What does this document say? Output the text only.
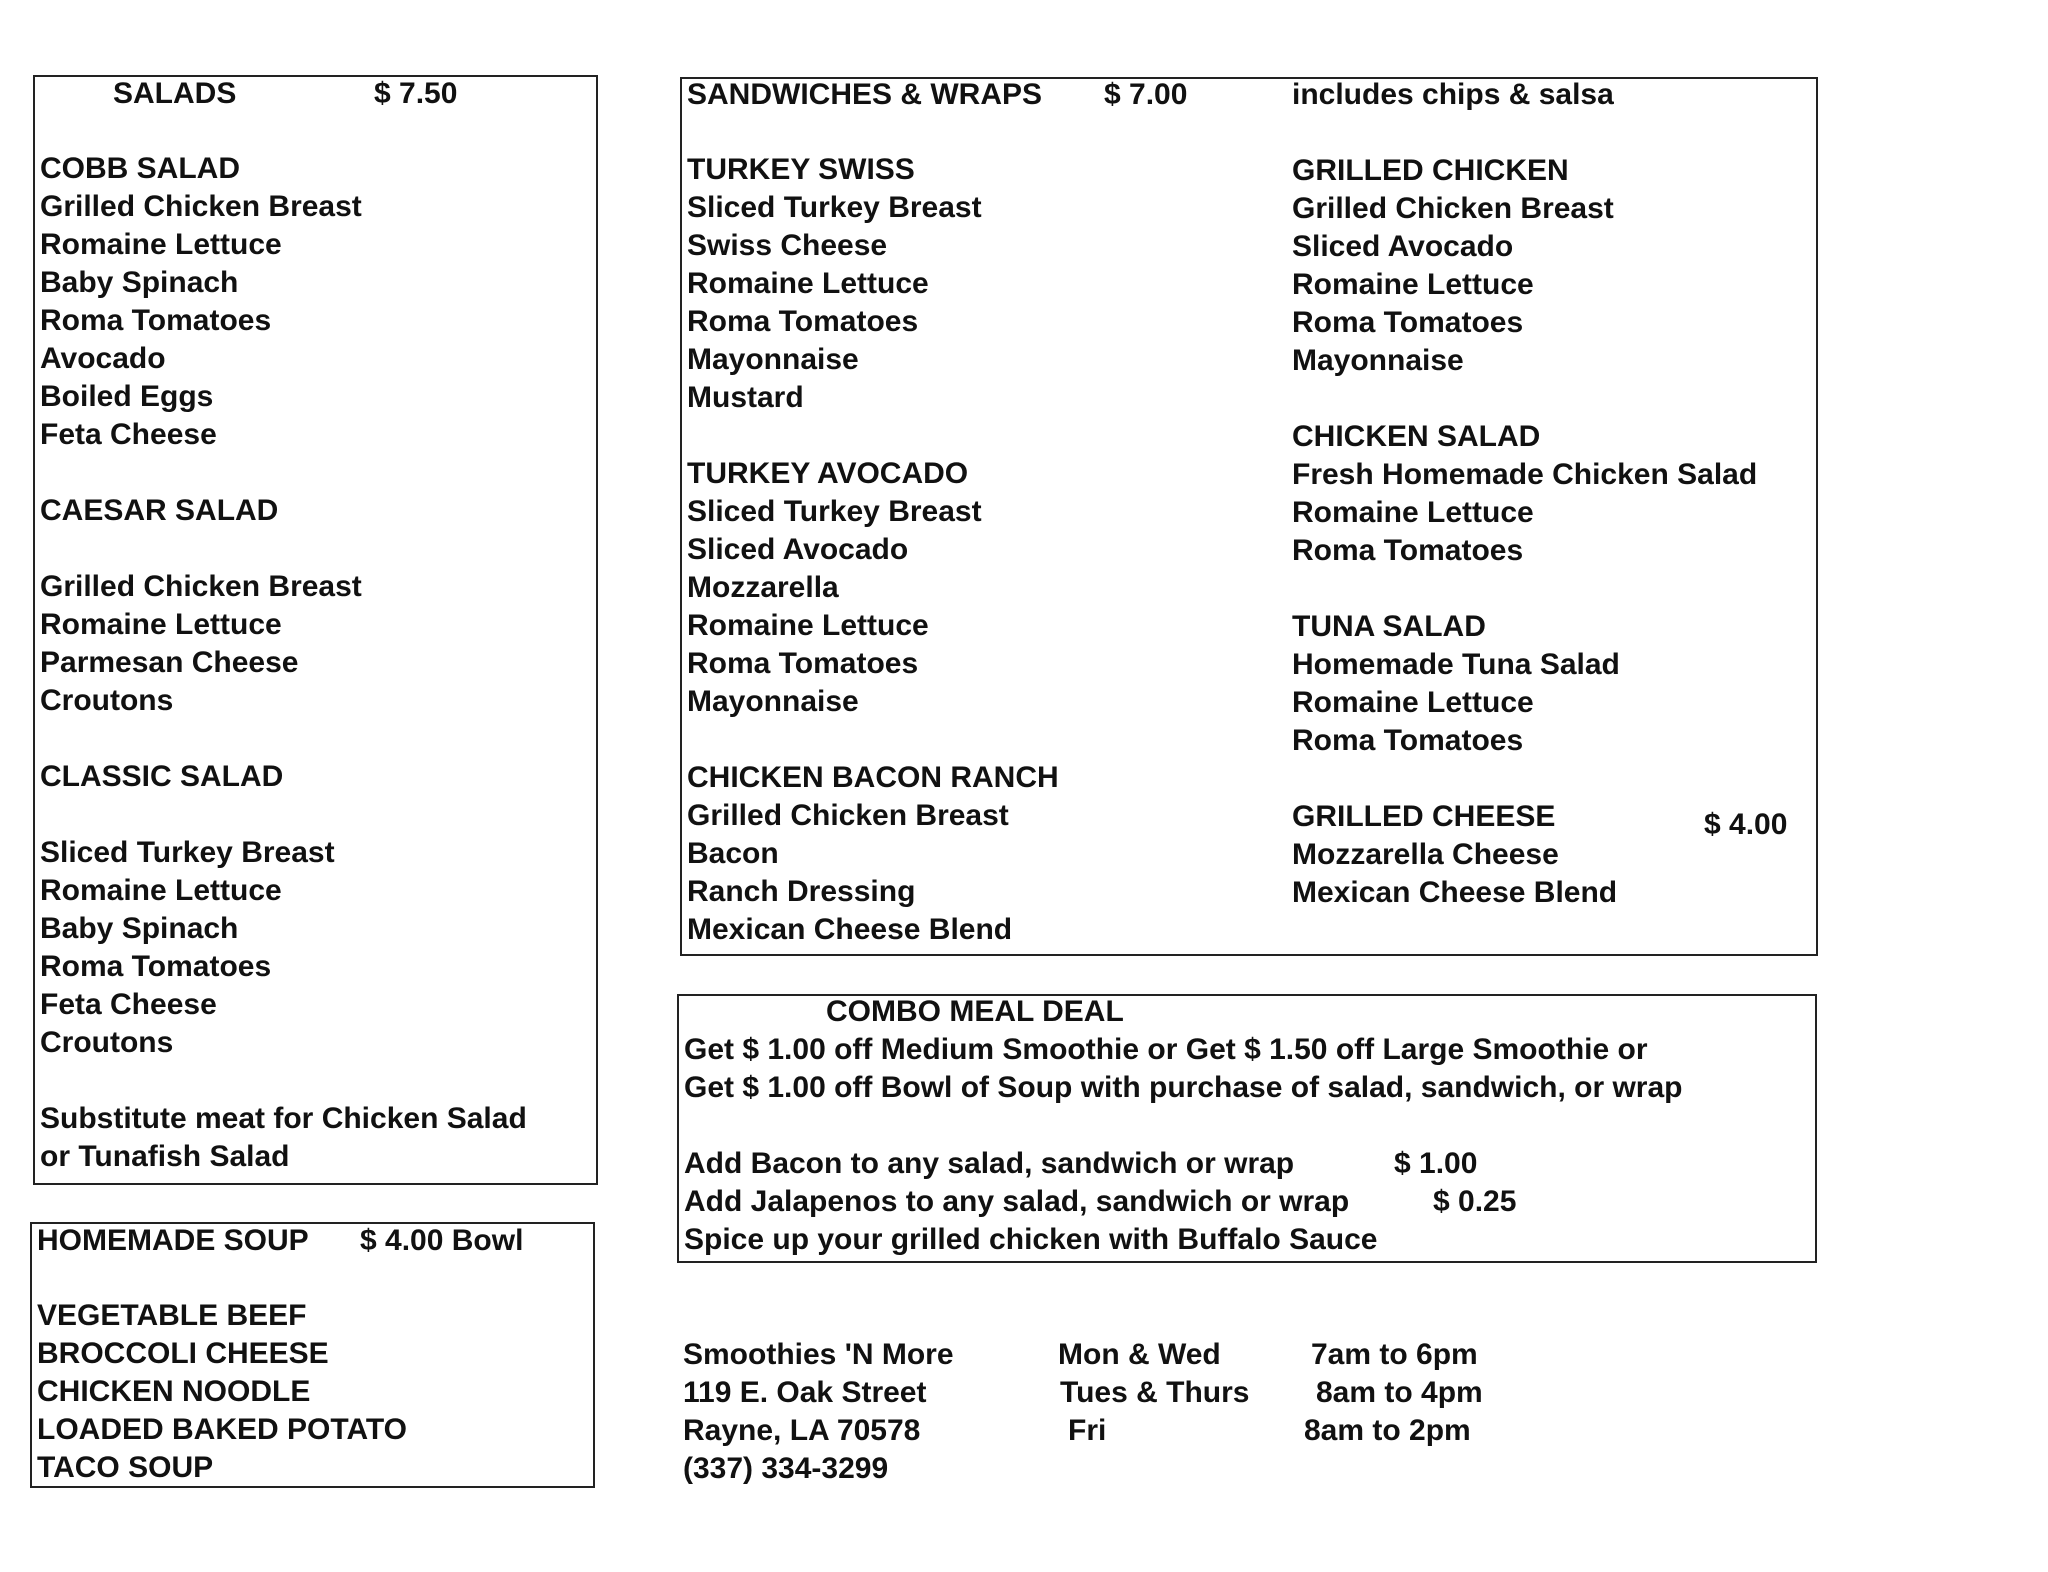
SALADS	$ 7.50
COBB SALAD
Grilled Chicken Breast
Romaine Lettuce
Baby Spinach
Roma Tomatoes
Avocado
Boiled Eggs
Feta Cheese
CAESAR SALAD
Grilled Chicken Breast
Romaine Lettuce
Parmesan Cheese
Croutons
CLASSIC SALAD
Sliced Turkey Breast
Romaine Lettuce
Baby Spinach
Roma Tomatoes
Feta Cheese
Croutons
Substitute meat for Chicken Salad
or Tunafish Salad
HOMEMADE SOUP $ 4.00 Bowl
VEGETABLE BEEF
BROCCOLI CHEESE
CHICKEN NOODLE
LOADED BAKED POTATO
TACO SOUP
SANDWICHES & WRAPS $ 7.00	includes chips & salsa
TURKEY SWISS
Sliced Turkey Breast
Swiss Cheese
Romaine Lettuce
Roma Tomatoes
Mayonnaise
Mustard
TURKEY AVOCADO
Sliced Turkey Breast
Sliced Avocado
Mozzarella
Romaine Lettuce
Roma Tomatoes
Mayonnaise
CHICKEN BACON RANCH
Grilled Chicken Breast
Bacon
Ranch Dressing
Mexican Cheese Blend
GRILLED CHICKEN
Grilled Chicken Breast
Sliced Avocado
Romaine Lettuce
Roma Tomatoes
Mayonnaise
CHICKEN SALAD
Fresh Homemade Chicken Salad
Romaine Lettuce
Roma Tomatoes
TUNA SALAD
Homemade Tuna Salad
Romaine Lettuce
Roma Tomatoes
GRILLED CHEESE
Mozzarella Cheese
Mexican Cheese Blend
$ 4.00
COMBO MEAL DEAL
Get $ 1.00 off Medium Smoothie or Get $ 1.50 off Large Smoothie or
Get $ 1.00 off Bowl of Soup with purchase of salad, sandwich, or wrap
Add Bacon to any salad, sandwich or wrap
Add Jalapenos to any salad, sandwich or wrap
Spice up your grilled chicken with Buffalo Sauce
$ 1.00
$ 0.25
Smoothies 'N More
119 E. Oak Street
Rayne, LA 70578
(337) 334-3299
Mon & Wed
Tues & Thurs
Fri
7am to 6pm
8am to 4pm
8am to 2pm
